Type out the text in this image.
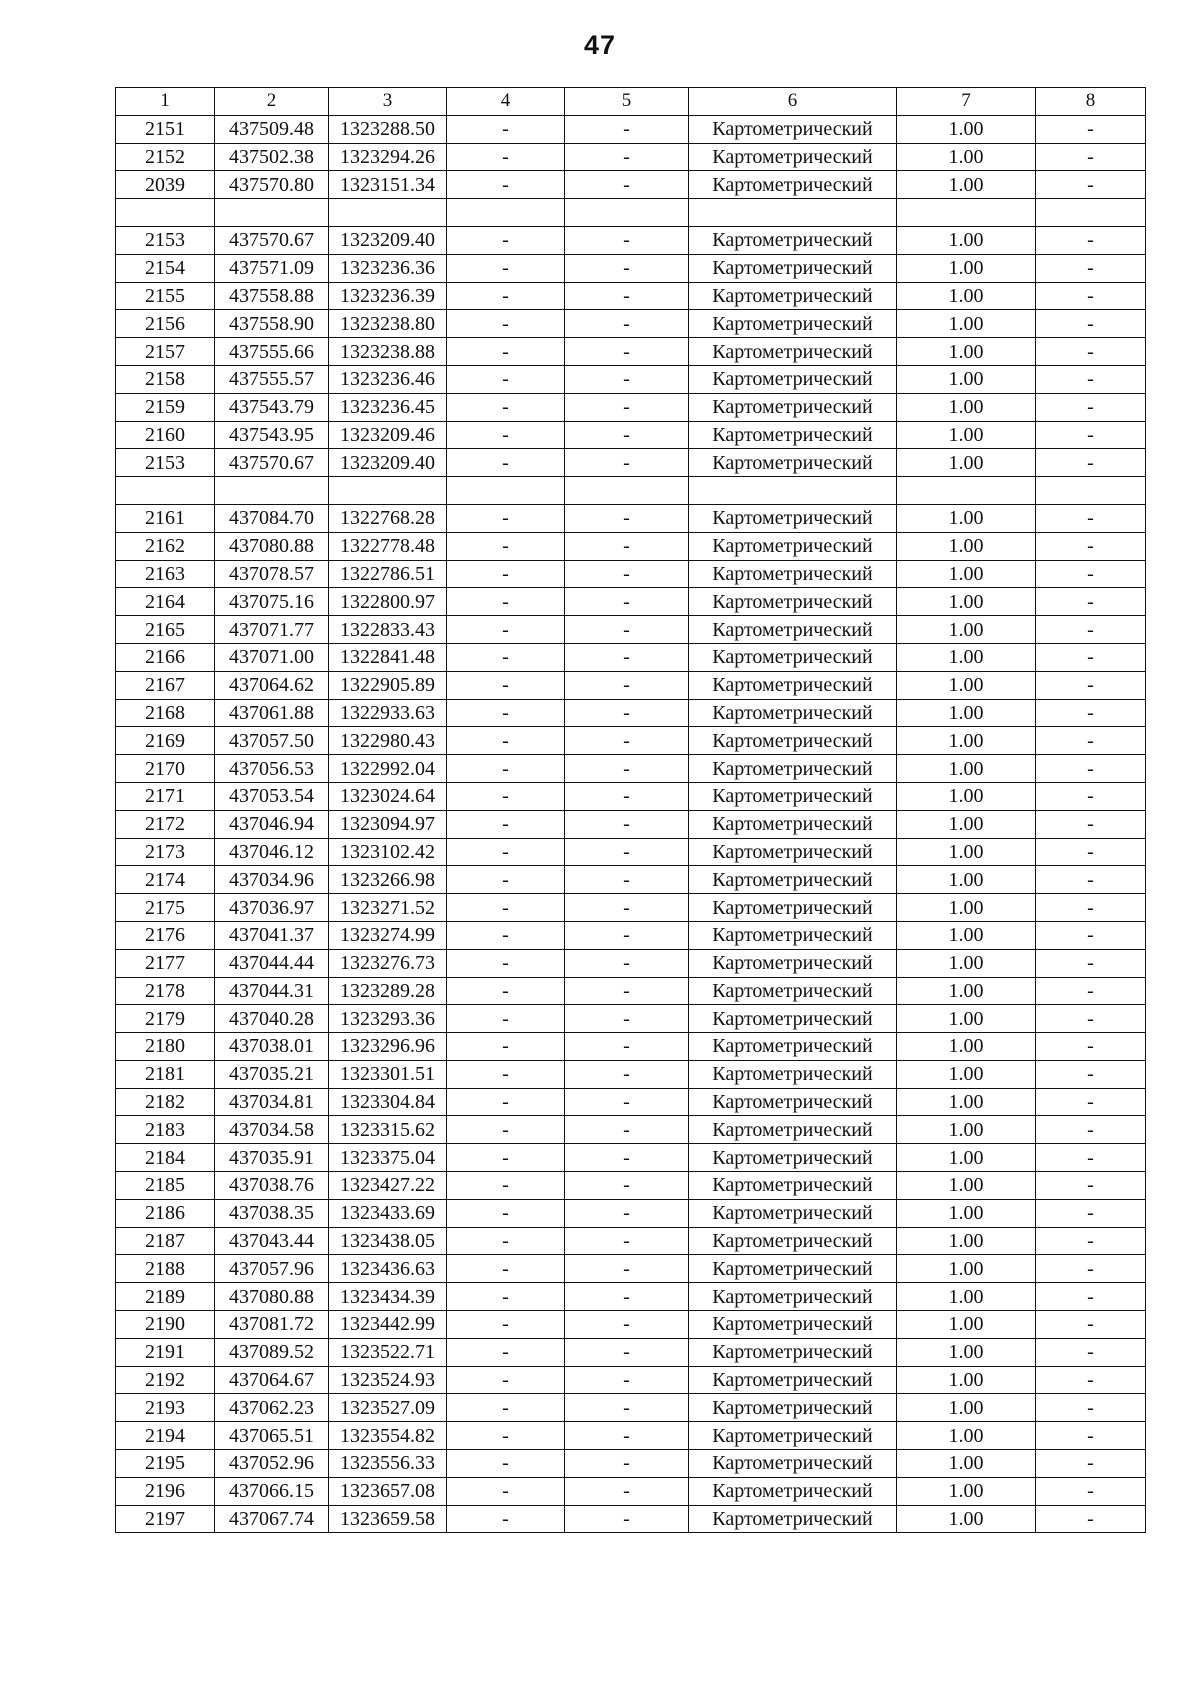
47
1	2	3	4	5	6	7	8
2151	437509.48	1323288.50	-	-	Картометрический	1.00	-
2152	437502.38	1323294.26	-	-	Картометрический	1.00	-
2039	437570.80	1323151.34	-	-	Картометрический	1.00	-

2153	437570.67	1323209.40	-	-	Картометрический	1.00	-
2154	437571.09	1323236.36	-	-	Картометрический	1.00	-
2155	437558.88	1323236.39	-	-	Картометрический	1.00	-
2156	437558.90	1323238.80	-	-	Картометрический	1.00	-
2157	437555.66	1323238.88	-	-	Картометрический	1.00	-
2158	437555.57	1323236.46	-	-	Картометрический	1.00	-
2159	437543.79	1323236.45	-	-	Картометрический	1.00	-
2160	437543.95	1323209.46	-	-	Картометрический	1.00	-
2153	437570.67	1323209.40	-	-	Картометрический	1.00	-

2161	437084.70	1322768.28	-	-	Картометрический	1.00	-
2162	437080.88	1322778.48	-	-	Картометрический	1.00	-
2163	437078.57	1322786.51	-	-	Картометрический	1.00	-
2164	437075.16	1322800.97	-	-	Картометрический	1.00	-
2165	437071.77	1322833.43	-	-	Картометрический	1.00	-
2166	437071.00	1322841.48	-	-	Картометрический	1.00	-
2167	437064.62	1322905.89	-	-	Картометрический	1.00	-
2168	437061.88	1322933.63	-	-	Картометрический	1.00	-
2169	437057.50	1322980.43	-	-	Картометрический	1.00	-
2170	437056.53	1322992.04	-	-	Картометрический	1.00	-
2171	437053.54	1323024.64	-	-	Картометрический	1.00	-
2172	437046.94	1323094.97	-	-	Картометрический	1.00	-
2173	437046.12	1323102.42	-	-	Картометрический	1.00	-
2174	437034.96	1323266.98	-	-	Картометрический	1.00	-
2175	437036.97	1323271.52	-	-	Картометрический	1.00	-
2176	437041.37	1323274.99	-	-	Картометрический	1.00	-
2177	437044.44	1323276.73	-	-	Картометрический	1.00	-
2178	437044.31	1323289.28	-	-	Картометрический	1.00	-
2179	437040.28	1323293.36	-	-	Картометрический	1.00	-
2180	437038.01	1323296.96	-	-	Картометрический	1.00	-
2181	437035.21	1323301.51	-	-	Картометрический	1.00	-
2182	437034.81	1323304.84	-	-	Картометрический	1.00	-
2183	437034.58	1323315.62	-	-	Картометрический	1.00	-
2184	437035.91	1323375.04	-	-	Картометрический	1.00	-
2185	437038.76	1323427.22	-	-	Картометрический	1.00	-
2186	437038.35	1323433.69	-	-	Картометрический	1.00	-
2187	437043.44	1323438.05	-	-	Картометрический	1.00	-
2188	437057.96	1323436.63	-	-	Картометрический	1.00	-
2189	437080.88	1323434.39	-	-	Картометрический	1.00	-
2190	437081.72	1323442.99	-	-	Картометрический	1.00	-
2191	437089.52	1323522.71	-	-	Картометрический	1.00	-
2192	437064.67	1323524.93	-	-	Картометрический	1.00	-
2193	437062.23	1323527.09	-	-	Картометрический	1.00	-
2194	437065.51	1323554.82	-	-	Картометрический	1.00	-
2195	437052.96	1323556.33	-	-	Картометрический	1.00	-
2196	437066.15	1323657.08	-	-	Картометрический	1.00	-
2197	437067.74	1323659.58	-	-	Картометрический	1.00	-
